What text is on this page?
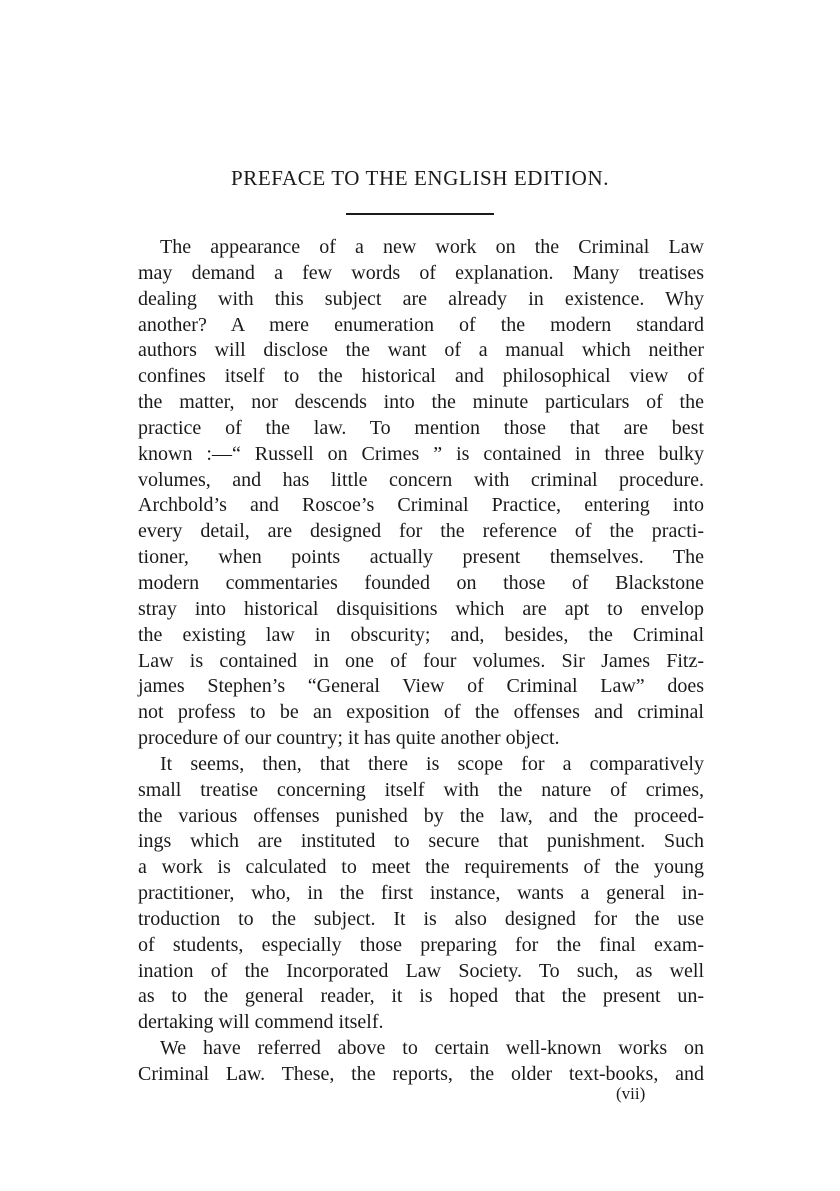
PREFACE TO THE ENGLISH EDITION.
The appearance of a new work on the Criminal Law
may demand a few words of explanation. Many treatises
dealing with this subject are already in existence. Why
another? A mere enumeration of the modern standard
authors will disclose the want of a manual which neither
confines itself to the historical and philosophical view of
the matter, nor descends into the minute particulars of the
practice of the law. To mention those that are best
known :—“ Russell on Crimes ” is contained in three bulky
volumes, and has little concern with criminal procedure.
Archbold’s and Roscoe’s Criminal Practice, entering into
every detail, are designed for the reference of the practi-
tioner, when points actually present themselves. The
modern commentaries founded on those of Blackstone
stray into historical disquisitions which are apt to envelop
the existing law in obscurity; and, besides, the Criminal
Law is contained in one of four volumes. Sir James Fitz-
james Stephen’s “General View of Criminal Law” does
not profess to be an exposition of the offenses and criminal
procedure of our country; it has quite another object.
It seems, then, that there is scope for a comparatively
small treatise concerning itself with the nature of crimes,
the various offenses punished by the law, and the proceed-
ings which are instituted to secure that punishment. Such
a work is calculated to meet the requirements of the young
practitioner, who, in the first instance, wants a general in-
troduction to the subject. It is also designed for the use
of students, especially those preparing for the final exam-
ination of the Incorporated Law Society. To such, as well
as to the general reader, it is hoped that the present un-
dertaking will commend itself.
We have referred above to certain well-known works on
Criminal Law. These, the reports, the older text-books, and
(vii)
